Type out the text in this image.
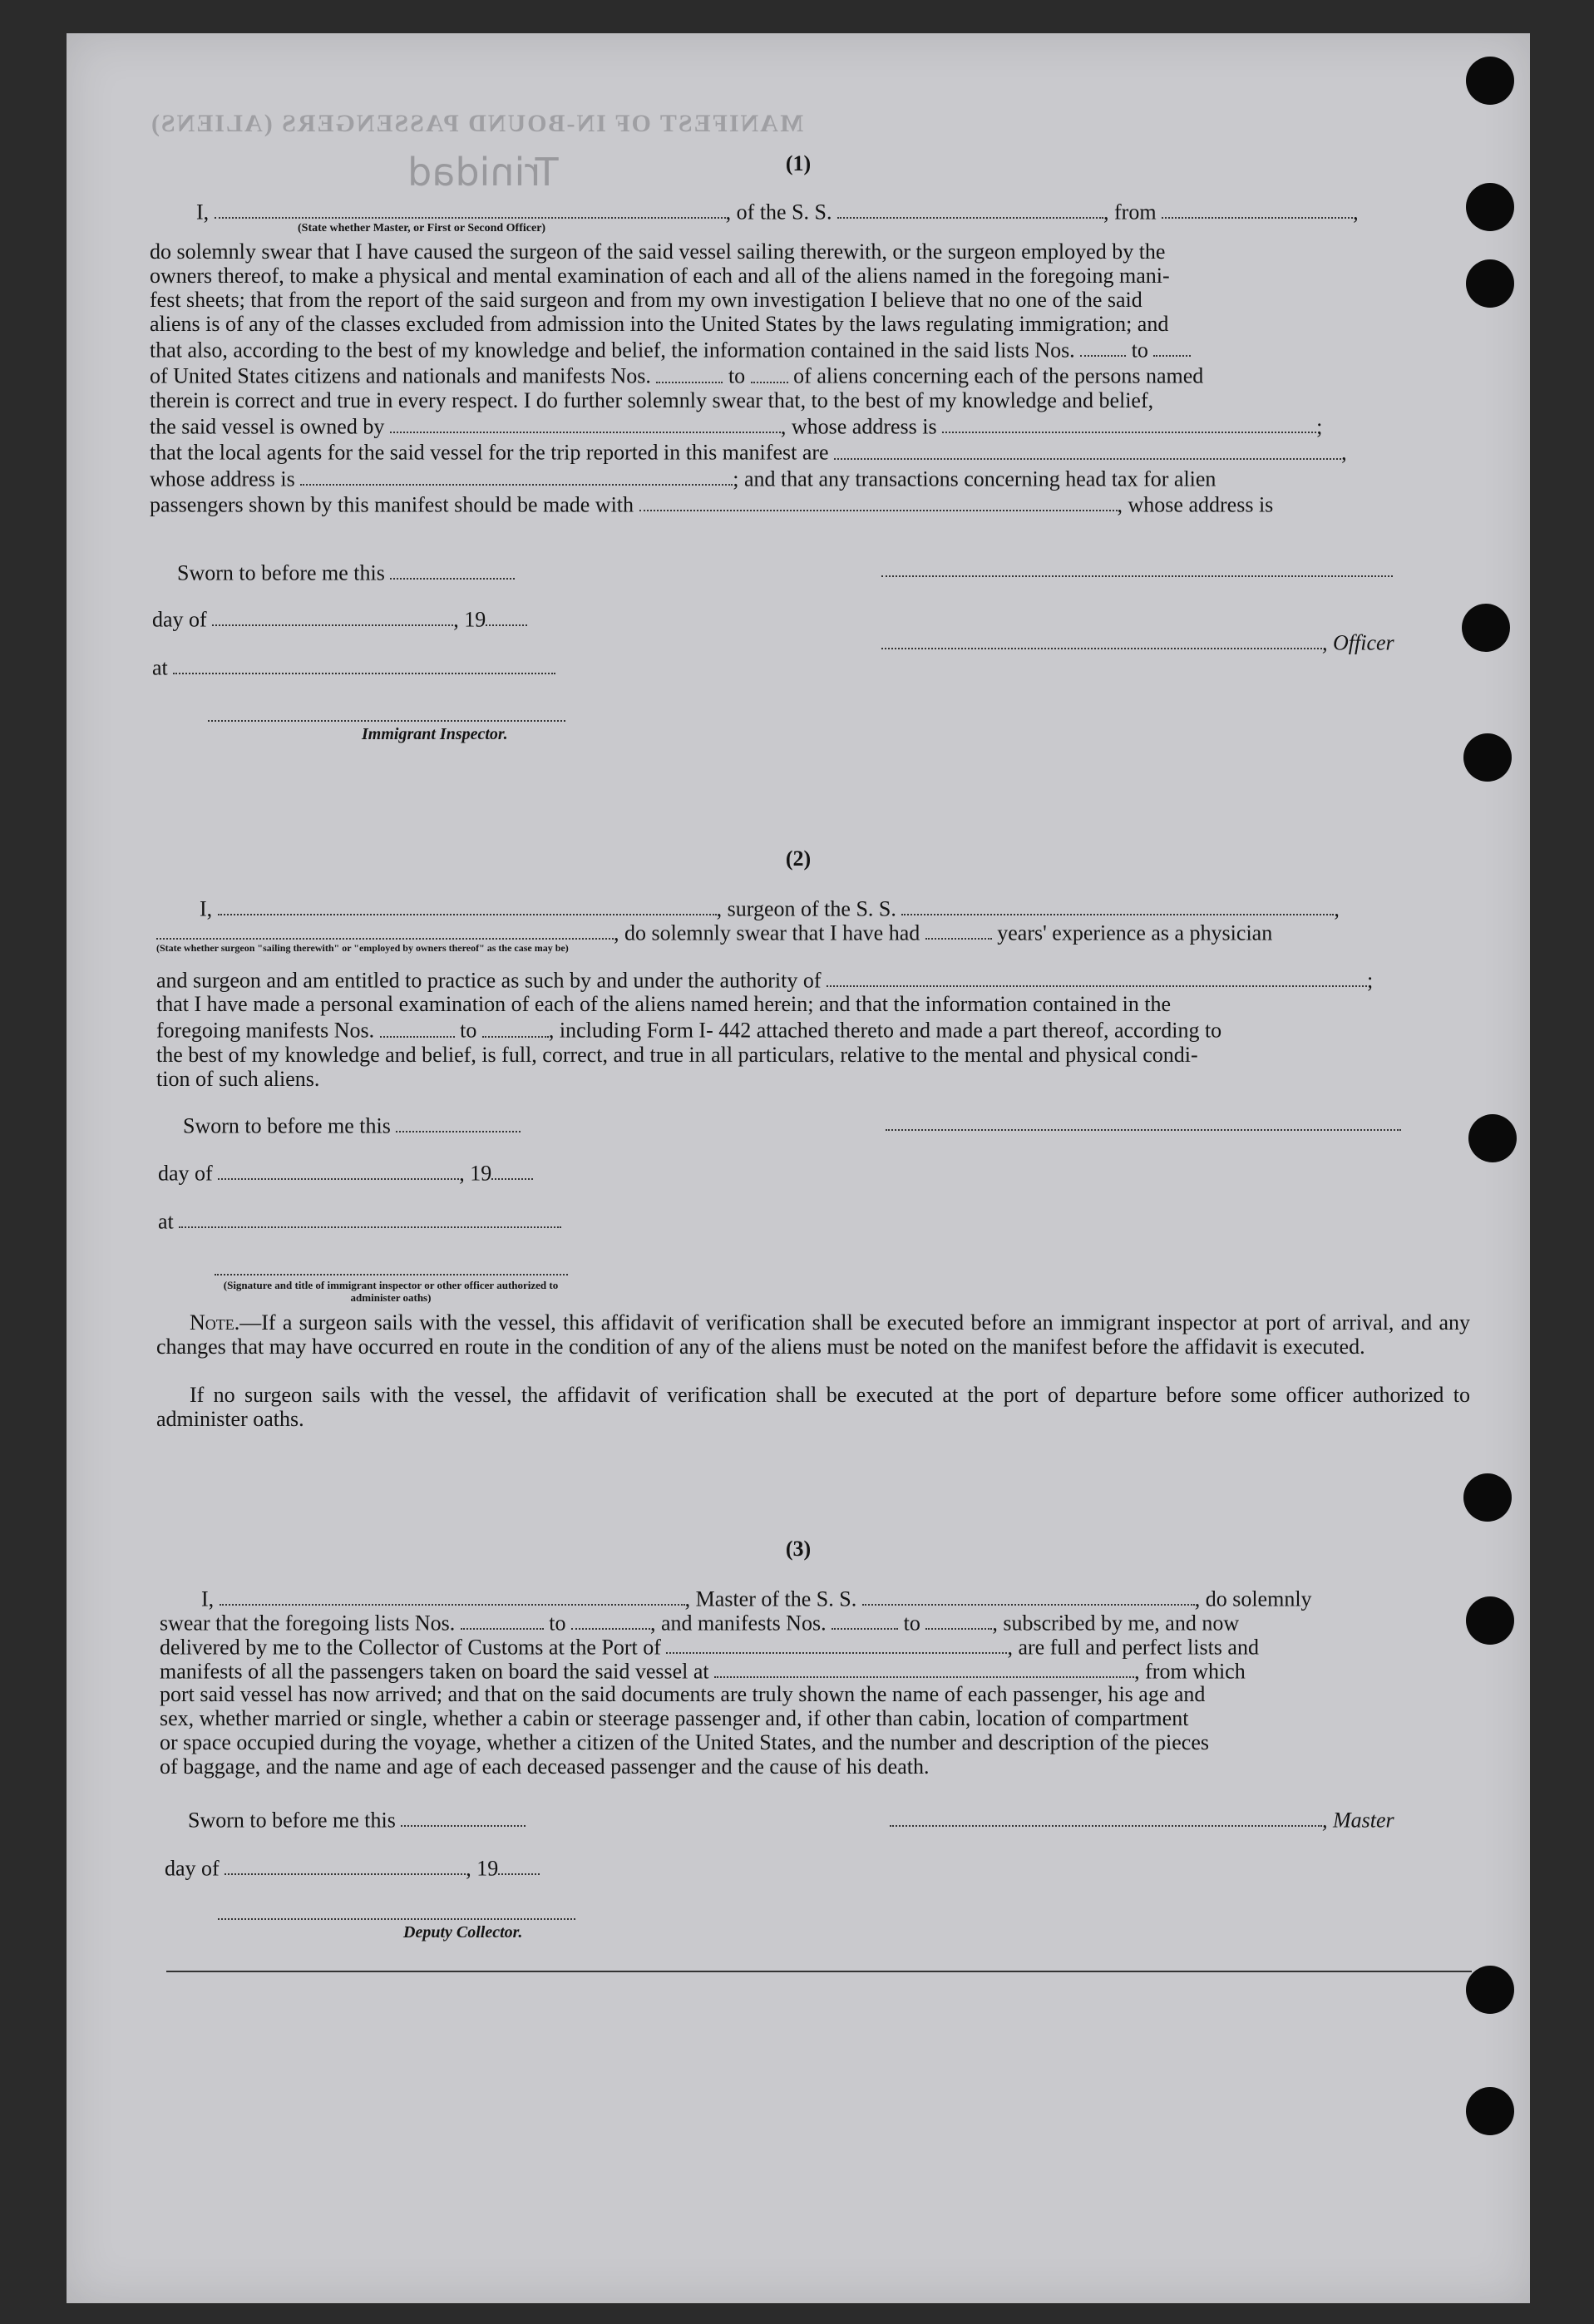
MANIFEST OF IN-BOUND PASSENGERS (ALIENS)
Trinidad	(1)
I,	, of the S. S.	, from	,
(State whether Master, or First or Second Officer)

do solemnly swear that I have caused the surgeon of the said vessel sailing therewith, or the surgeon employed by the

owners thereof, to make a physical and mental examination of each and all of the aliens named in the foregoing mani-

fest sheets; that from the report of the said surgeon and from my own investigation I believe that no one of the said

aliens is of any of the classes excluded from admission into the United States by the laws regulating immigration; and

that also, according to the best of my knowledge and belief, the information contained in the said lists Nos.	to

of United States citizens and nationals and manifests Nos.	to of aliens concerning each of the persons named

therein is correct and true in every respect. I do further solemnly swear that, to the best of my knowledge and belief,

the said vessel is owned by	, whose address is	;

that the local agents for the said vessel for the trip reported in this manifest are	,

whose address is	; and that any transactions concerning head tax for alien

passengers shown by this manifest should be made with	, whose address is

Sworn to before me this
day of	, 19
, Officer
at
Immigrant Inspector.
(2)
I,	, surgeon of the S. S.	,
, do solemnly swear that I have had	years' experience as a physician
(State whether surgeon "sailing therewith" or "employed by owners thereof" as the case may be)

and surgeon and am entitled to practice as such by and under the authority of	;

that I have made a personal examination of each of the aliens named herein; and that the information contained in the

foregoing manifests Nos.	to	, including Form I- 442 attached thereto and made a part thereof, according to

the best of my knowledge and belief, is full, correct, and true in all particulars, relative to the mental and physical condi-

tion of such aliens.

Sworn to before me this
day of	, 19
at
(Signature and title of immigrant inspector or other officer authorized to administer oaths)
Note.—If a surgeon sails with the vessel, this affidavit of verification shall be executed before an immigrant inspector at port of arrival, and any changes that may have occurred en route in the condition of any of the aliens must be noted on the manifest before the affidavit is executed.
If no surgeon sails with the vessel, the affidavit of verification shall be executed at the port of departure before some officer authorized to administer oaths.
(3)
I,	, Master of the S. S.	, do solemnly
swear that the foregoing lists Nos.	to	, and manifests Nos.	to	, subscribed by me, and now
delivered by me to the Collector of Customs at the Port of	, are full and perfect lists and
manifests of all the passengers taken on board the said vessel at	, from which

port said vessel has now arrived; and that on the said documents are truly shown the name of each passenger, his age and

sex, whether married or single, whether a cabin or steerage passenger and, if other than cabin, location of compartment

or space occupied during the voyage, whether a citizen of the United States, and the number and description of the pieces

of baggage, and the name and age of each deceased passenger and the cause of his death.

Sworn to before me this	, Master
day of	, 19
Deputy Collector.
